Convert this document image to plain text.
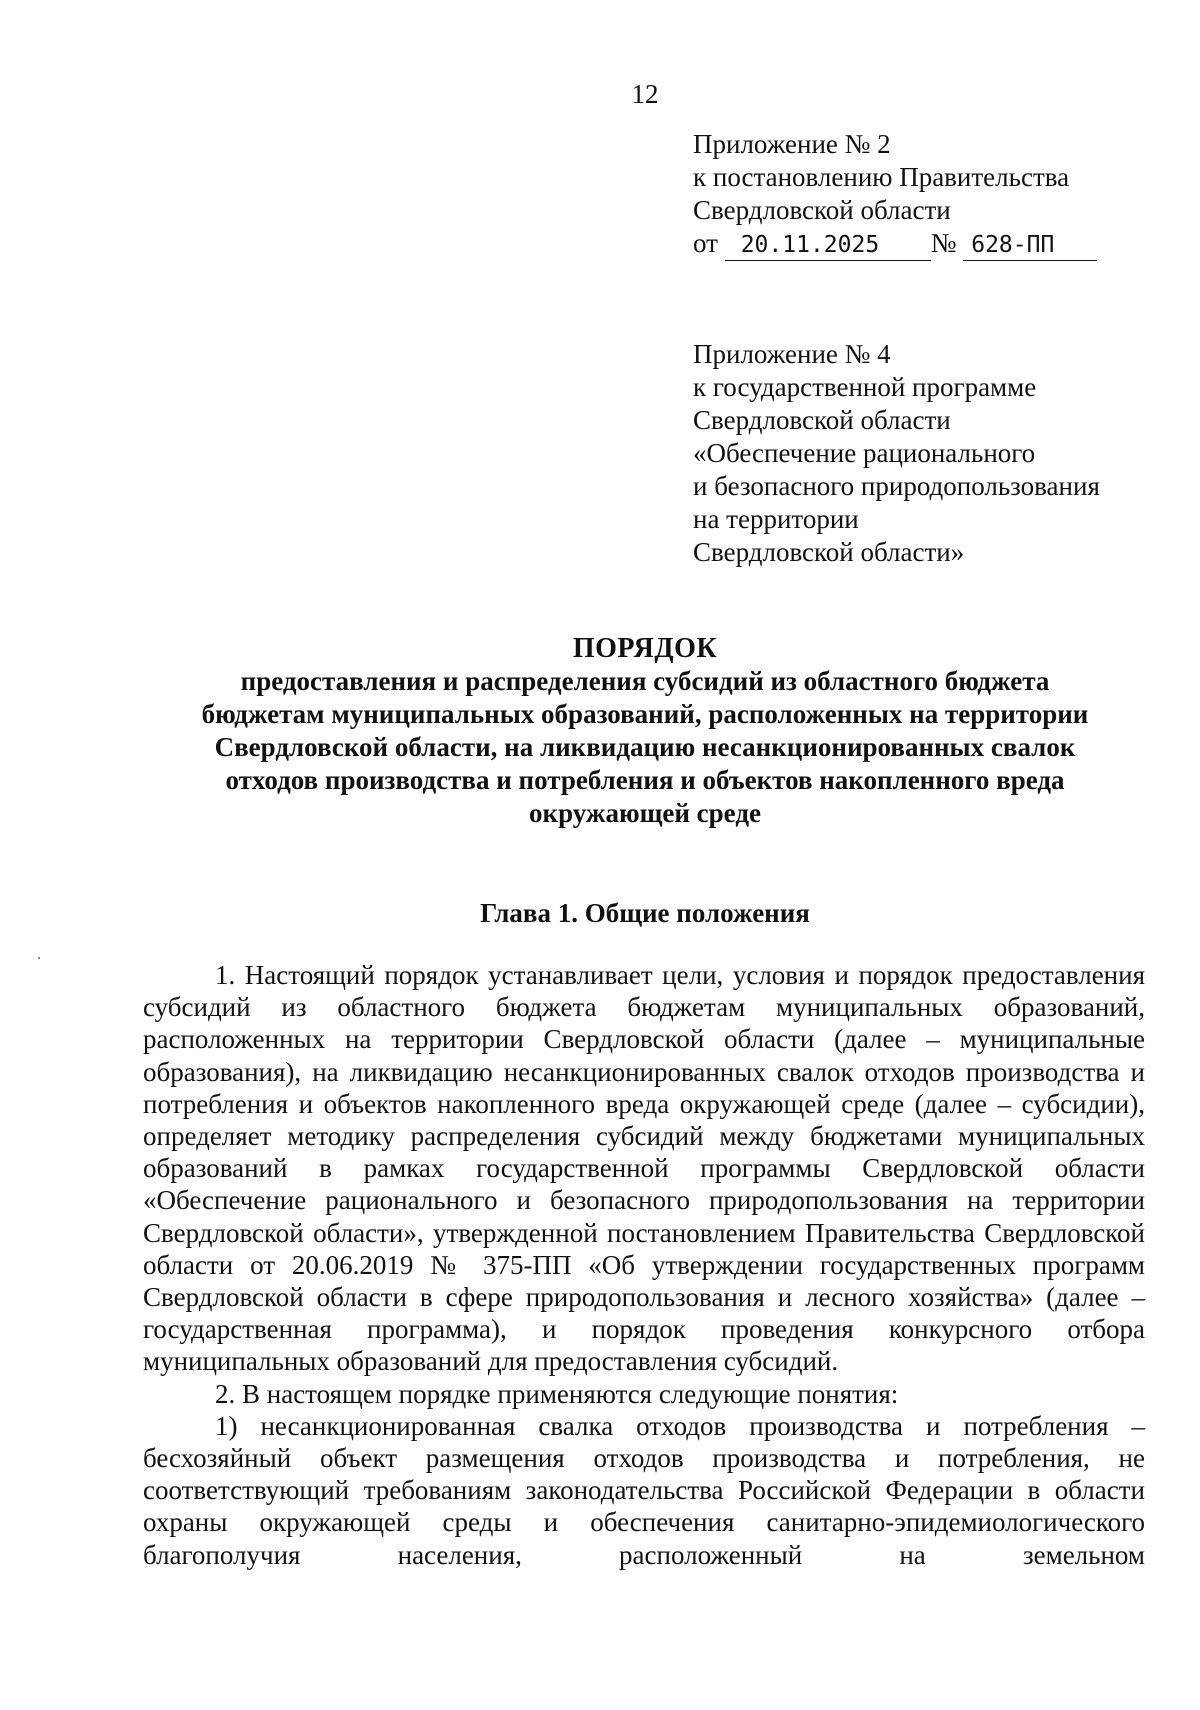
12
Приложение № 2
к постановлению Правительства
Свердловской области
от 20.11.2025 № 628-ПП
Приложение № 4
к государственной программе
Свердловской области
«Обеспечение рационального
и безопасного природопользования
на территории
Свердловской области»
ПОРЯДОК
предоставления и распределения субсидий из областного бюджета
бюджетам муниципальных образований, расположенных на территории
Свердловской области, на ликвидацию несанкционированных свалок
отходов производства и потребления и объектов накопленного вреда
окружающей среде
Глава 1. Общие положения

1. Настоящий порядок устанавливает цели, условия и порядок предоставления субсидий из областного бюджета бюджетам муниципальных образований, расположенных на территории Свердловской области (далее – муниципальные образования), на ликвидацию несанкционированных свалок отходов производства и потребления и объектов накопленного вреда окружающей среде (далее – субсидии), определяет методику распределения субсидий между бюджетами муниципальных образований в рамках государственной программы Свердловской области «Обеспечение рационального и безопасного природопользования на территории Свердловской области», утвержденной постановлением Правительства Свердловской области от 20.06.2019 № 375-ПП «Об утверждении государственных программ Свердловской области в сфере природопользования и лесного хозяйства» (далее – государственная программа), и порядок проведения конкурсного отбора муниципальных образований для предоставления субсидий.

2. В настоящем порядке применяются следующие понятия:

1) несанкционированная свалка отходов производства и потребления – бесхозяйный объект размещения отходов производства и потребления, не соответствующий требованиям законодательства Российской Федерации в области охраны окружающей среды и обеспечения санитарно-эпидемиологического благополучия населения, расположенный на земельном
